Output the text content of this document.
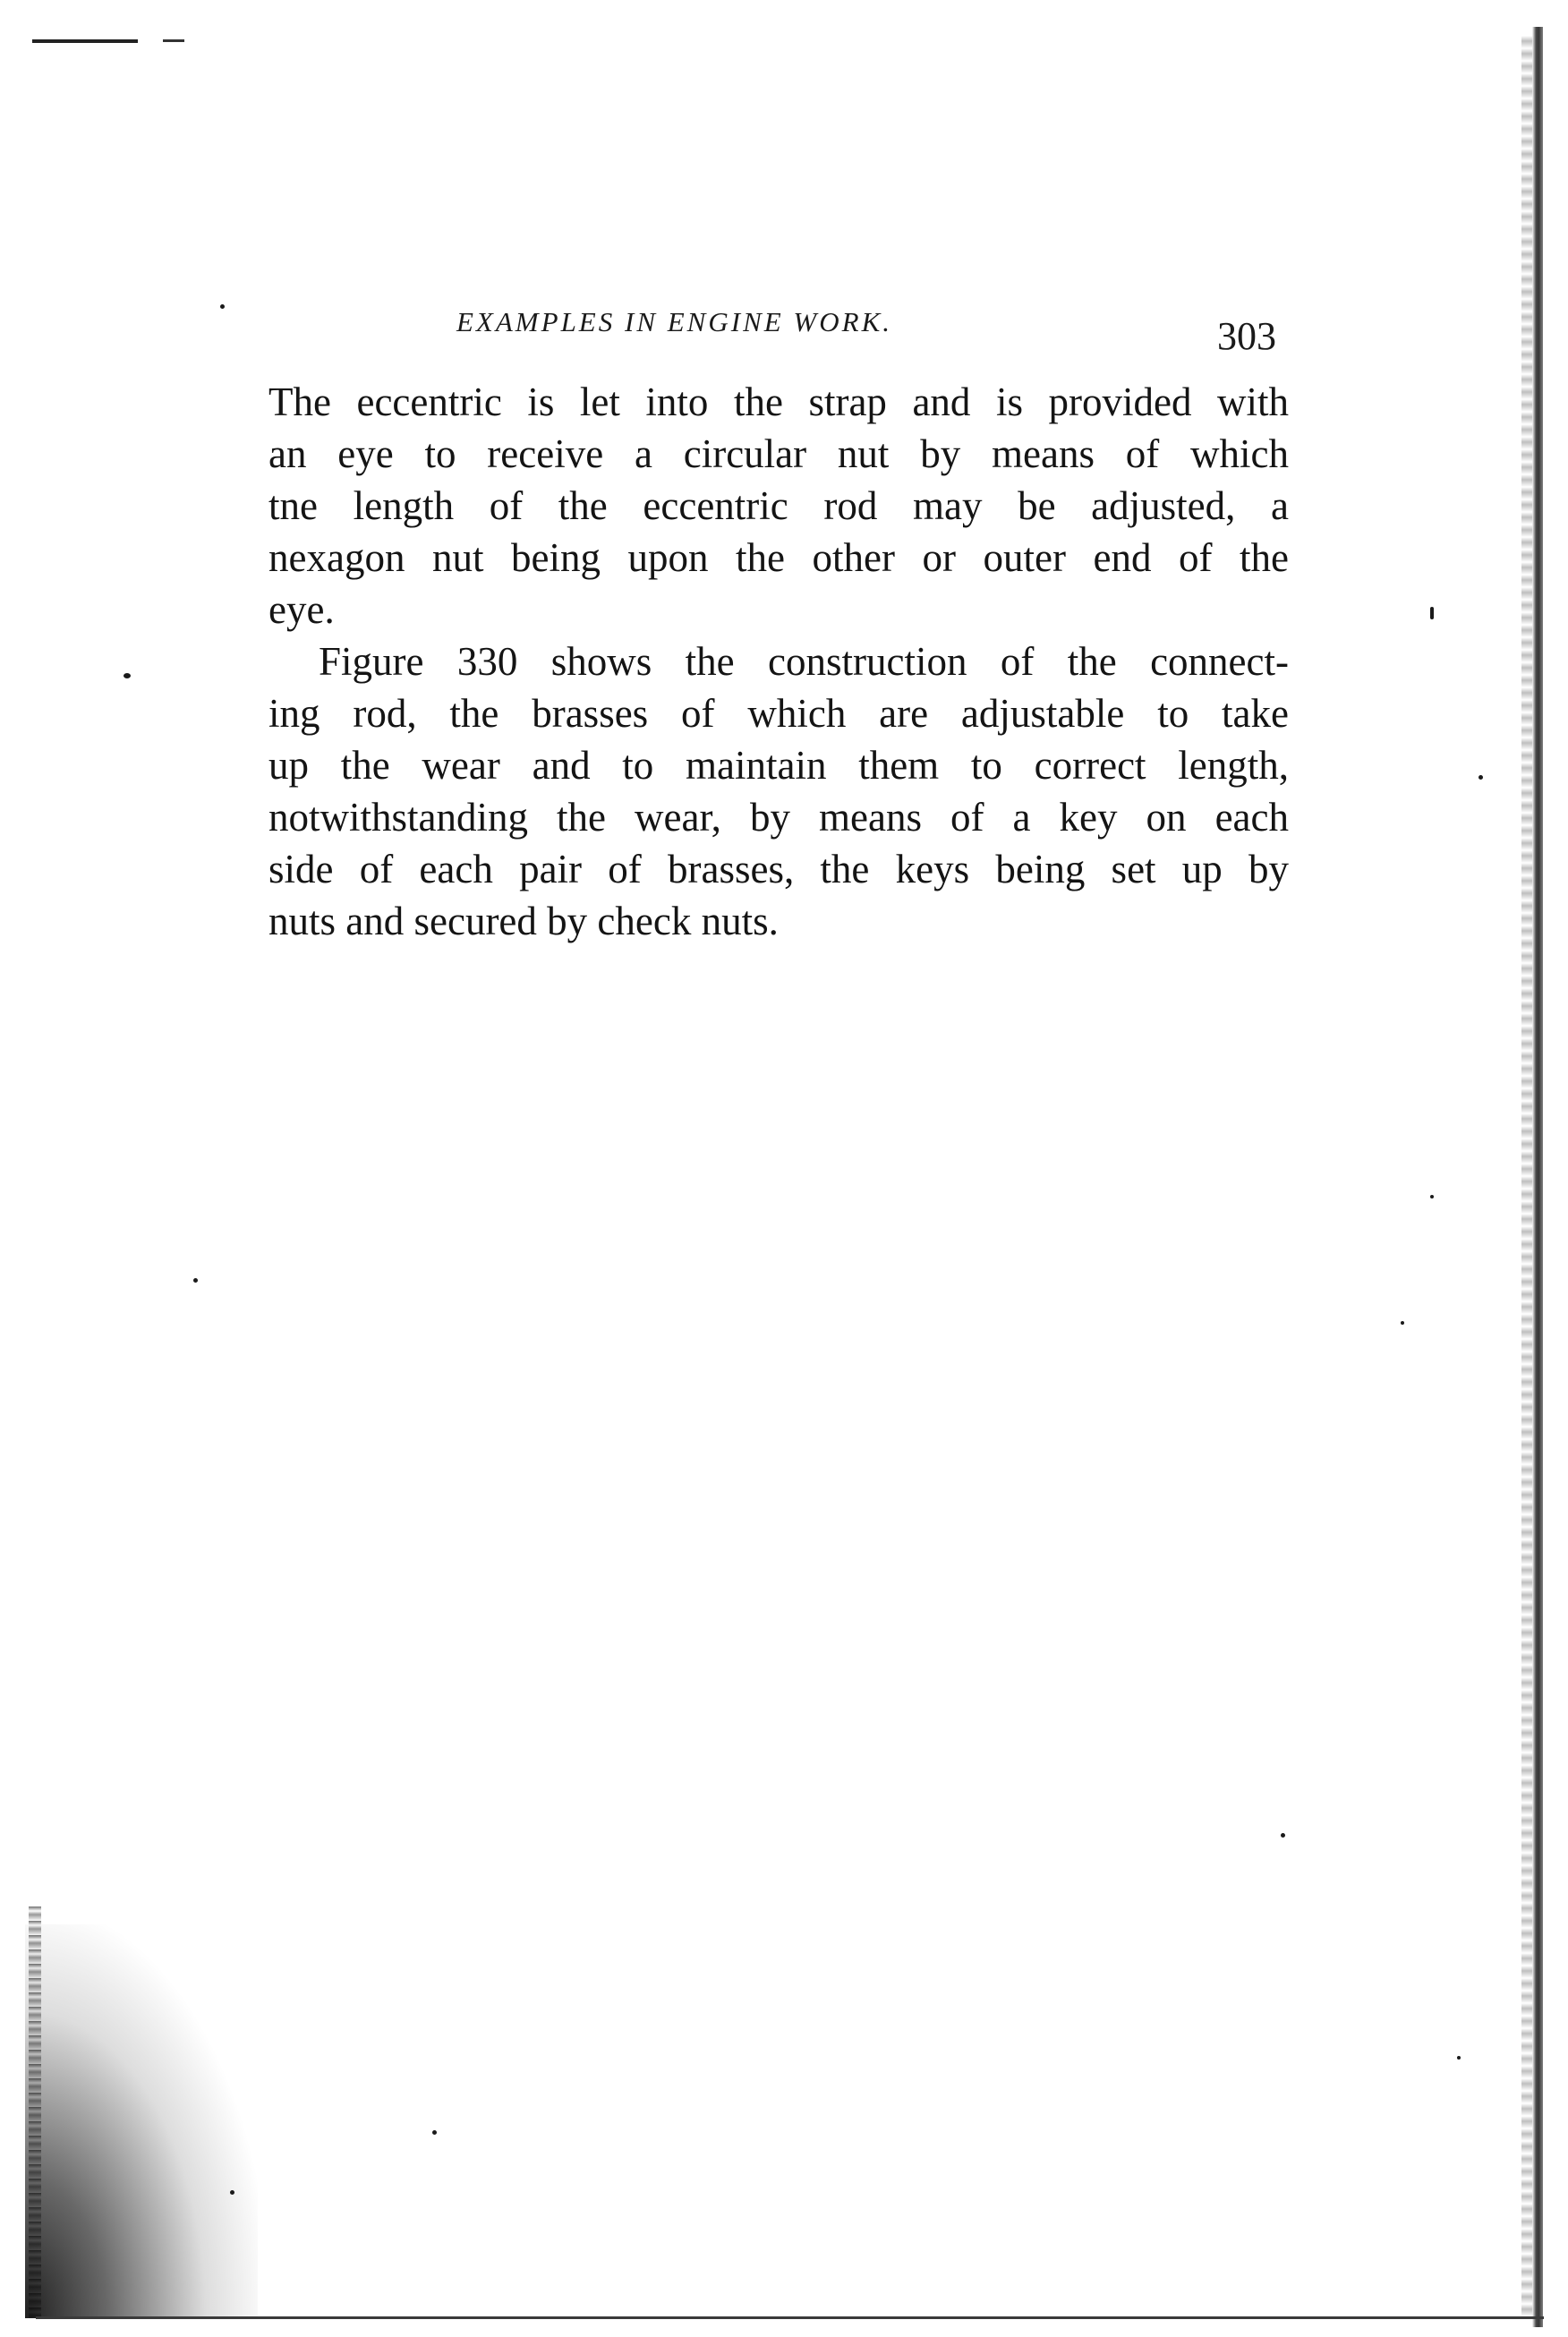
EXAMPLES IN ENGINE WORK.	303

The eccentric is let into the strap and is provided with
an eye to receive a circular nut by means of which
tne length of the eccentric rod may be adjusted, a
nexagon nut being upon the other or outer end of the
eye.

Figure 330 shows the construction of the connect-
ing rod, the brasses of which are adjustable to take
up the wear and to maintain them to correct length,
notwithstanding the wear, by means of a key on each
side of each pair of brasses, the keys being set up by
nuts and secured by check nuts.
